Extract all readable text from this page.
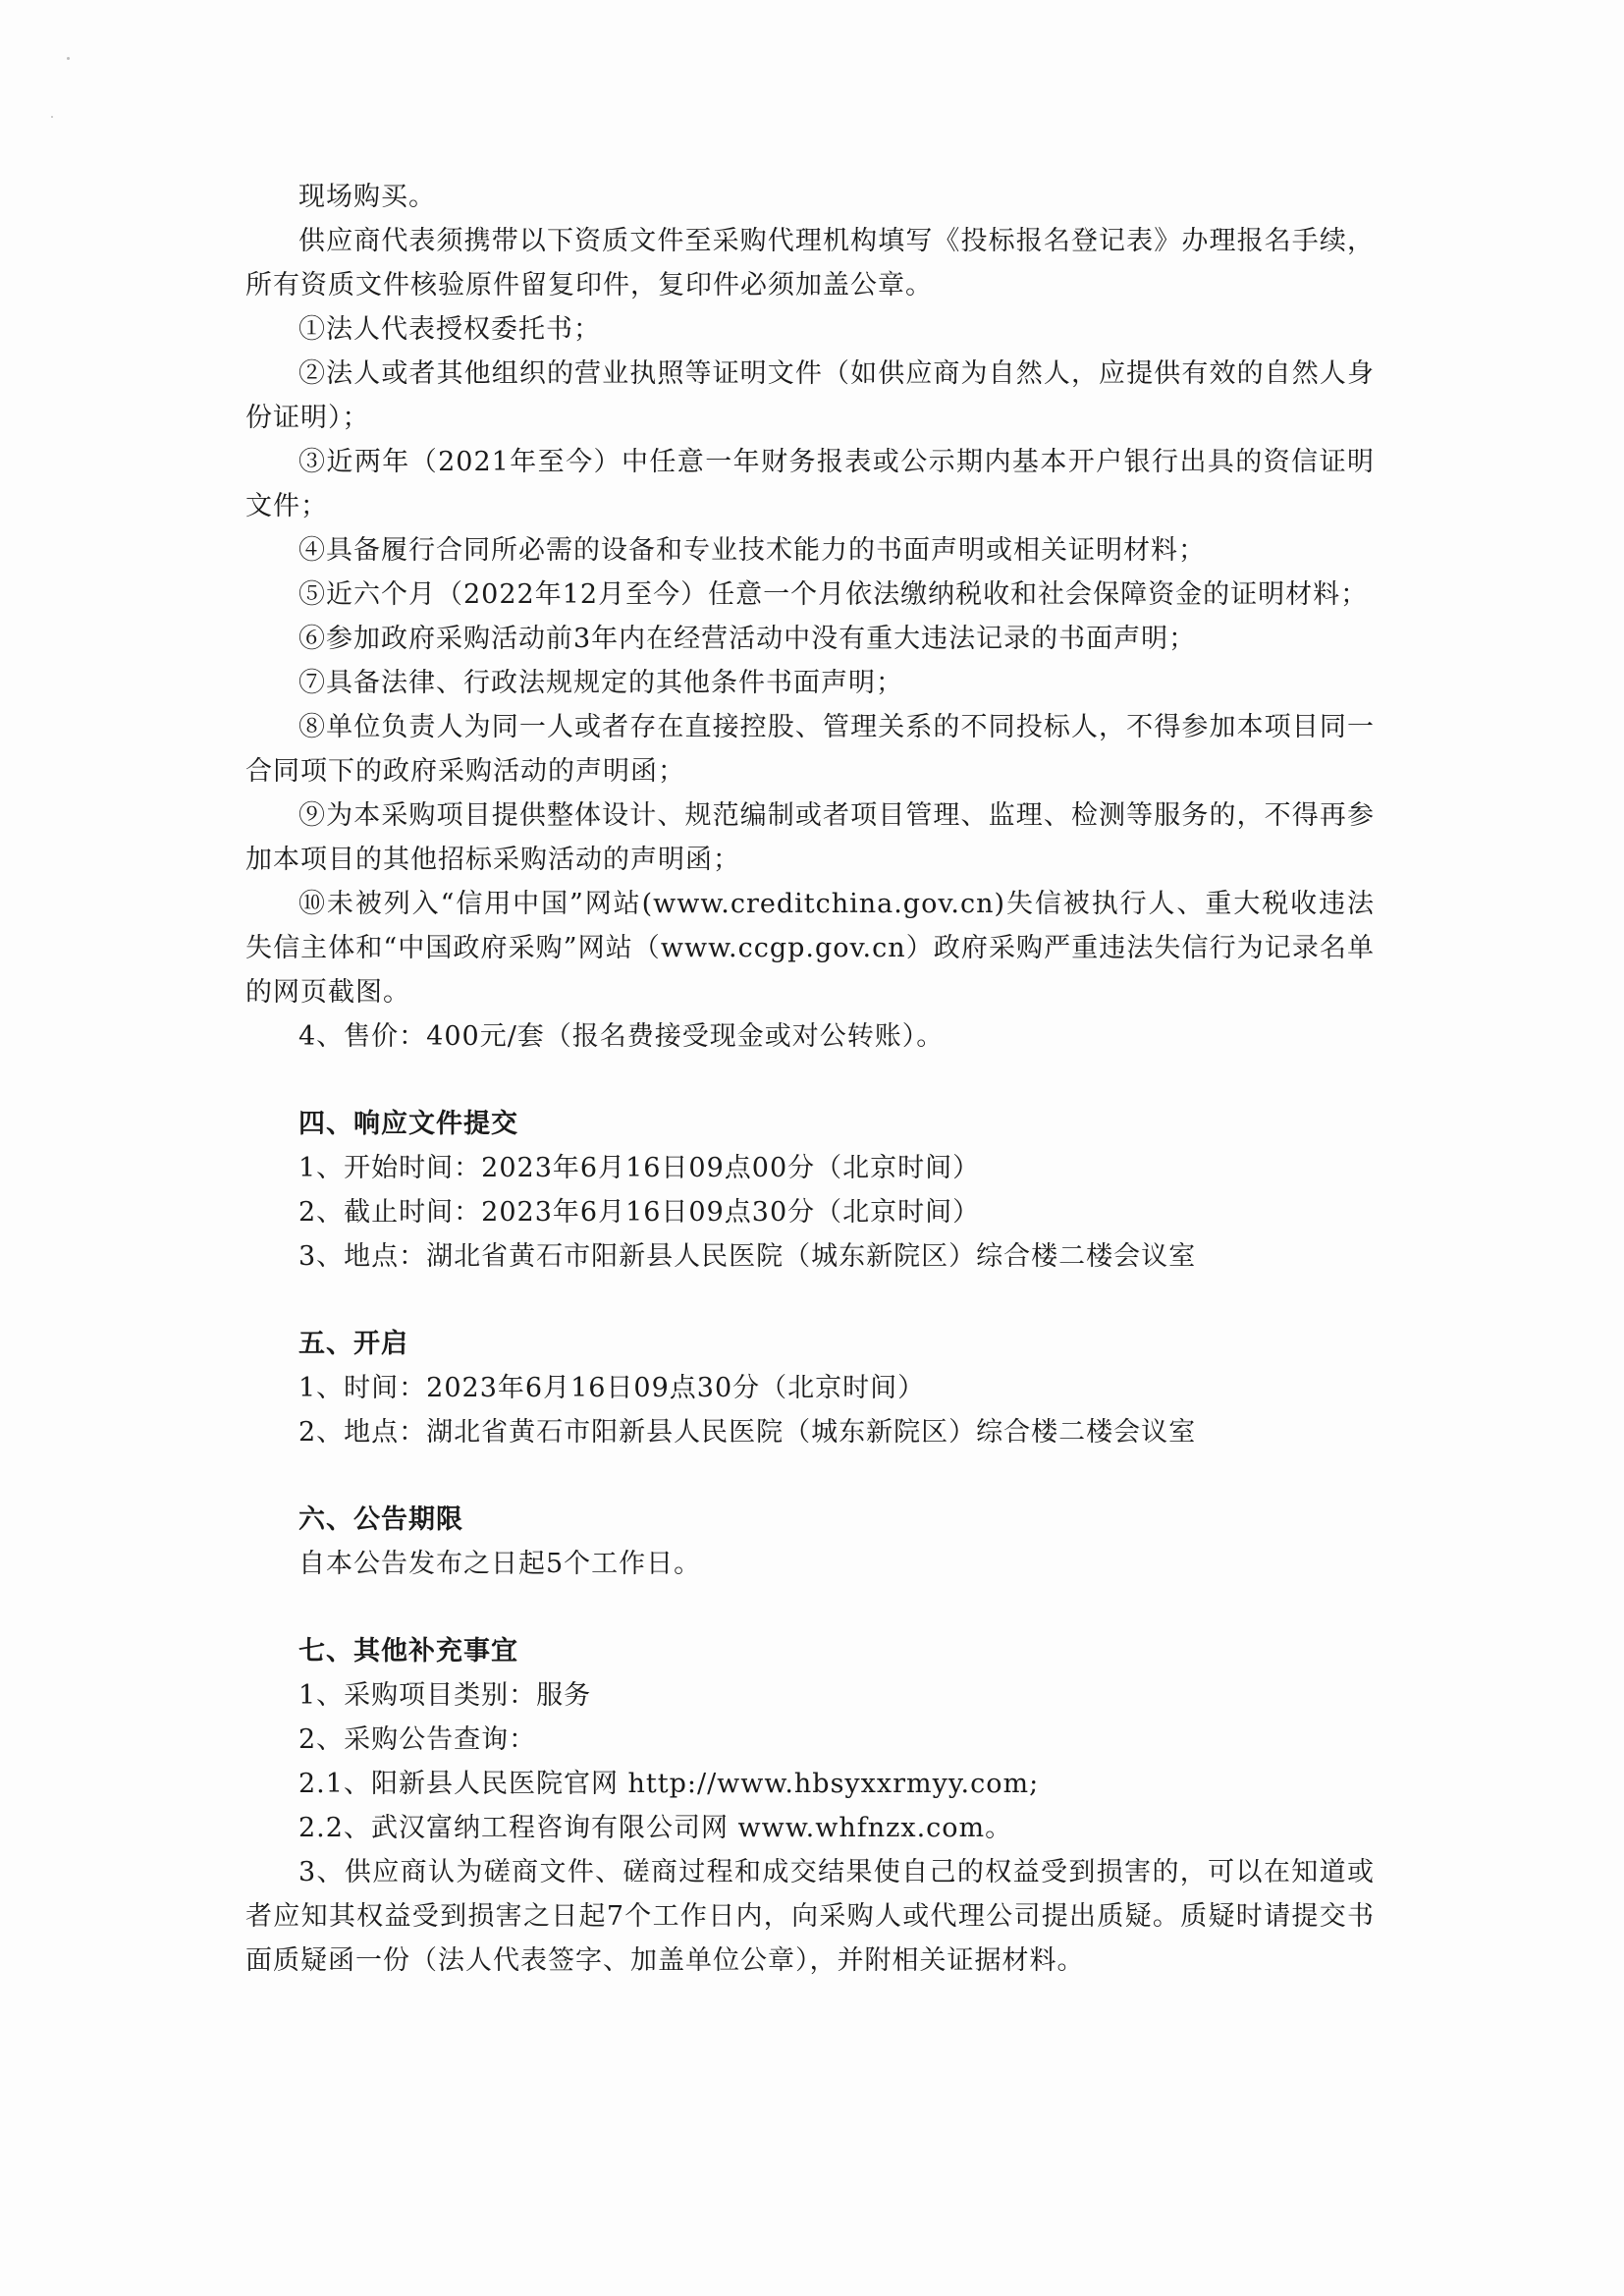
现场购买。

供应商代表须携带以下资质文件至采购代理机构填写《投标报名登记表》办理报名手续，所有资质文件核验原件留复印件，复印件必须加盖公章。

①法人代表授权委托书；

②法人或者其他组织的营业执照等证明文件（如供应商为自然人，应提供有效的自然人身份证明）；

③近两年（2021年至今）中任意一年财务报表或公示期内基本开户银行出具的资信证明文件；

④具备履行合同所必需的设备和专业技术能力的书面声明或相关证明材料；

⑤近六个月（2022年12月至今）任意一个月依法缴纳税收和社会保障资金的证明材料；

⑥参加政府采购活动前3年内在经营活动中没有重大违法记录的书面声明；

⑦具备法律、行政法规规定的其他条件书面声明；

⑧单位负责人为同一人或者存在直接控股、管理关系的不同投标人，不得参加本项目同一合同项下的政府采购活动的声明函；

⑨为本采购项目提供整体设计、规范编制或者项目管理、监理、检测等服务的，不得再参加本项目的其他招标采购活动的声明函；

⑩未被列入“信用中国”网站(www.creditchina.gov.cn)失信被执行人、重大税收违法失信主体和“中国政府采购”网站（www.ccgp.gov.cn）政府采购严重违法失信行为记录名单的网页截图。

4、售价：400元/套（报名费接受现金或对公转账）。

四、响应文件提交

1、开始时间：2023年6月16日09点00分（北京时间）

2、截止时间：2023年6月16日09点30分（北京时间）

3、地点：湖北省黄石市阳新县人民医院（城东新院区）综合楼二楼会议室

五、开启

1、时间：2023年6月16日09点30分（北京时间）

2、地点：湖北省黄石市阳新县人民医院（城东新院区）综合楼二楼会议室

六、公告期限

自本公告发布之日起5个工作日。

七、其他补充事宜

1、采购项目类别：服务

2、采购公告查询：

2.1、阳新县人民医院官网 http://www.hbsyxxrmyy.com;

2.2、武汉富纳工程咨询有限公司网 www.whfnzx.com。

3、供应商认为磋商文件、磋商过程和成交结果使自己的权益受到损害的，可以在知道或者应知其权益受到损害之日起7个工作日内，向采购人或代理公司提出质疑。质疑时请提交书面质疑函一份（法人代表签字、加盖单位公章），并附相关证据材料。
